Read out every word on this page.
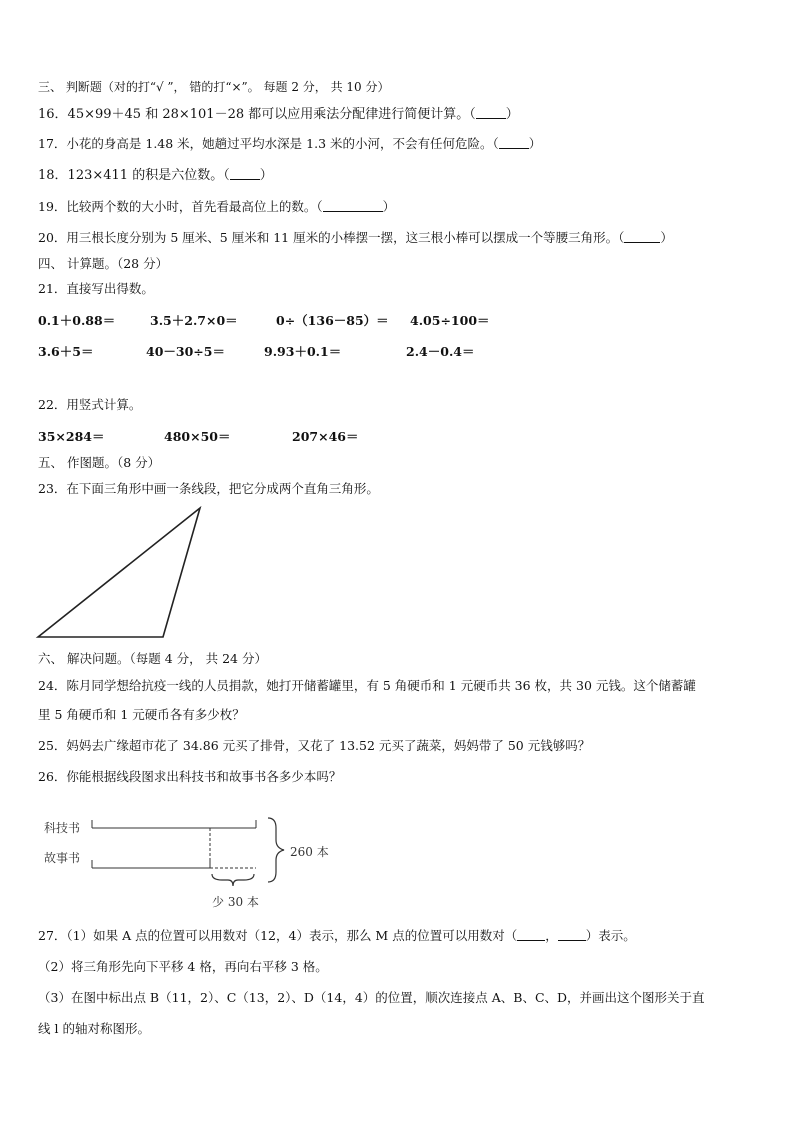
三、 判断题（对的打“√ ”， 错的打“×”。 每题 2 分， 共 10 分）
16．45×99＋45 和 28×101－28 都可以应用乘法分配律进行简便计算。（ ）
17．小花的身高是 1.48 米，她趟过平均水深是 1.3 米的小河，不会有任何危险。（ ）
18．123×411 的积是六位数。（ ）
19．比较两个数的大小时，首先看最高位上的数。（	）
20．用三根长度分别为 5 厘米、5 厘米和 11 厘米的小棒摆一摆，这三根小棒可以摆成一个等腰三角形。（	）
四、 计算题。（28 分）
21．直接写出得数。
0.1＋0.88＝	3.5＋2.7×0＝	0÷（136－85）＝ 4.05÷100＝
3.6＋5＝	40－30÷5＝	9.93＋0.1＝	2.4－0.4＝
22．用竖式计算。
35×284＝	480×50＝	207×46＝
五、 作图题。（8 分）
23．在下面三角形中画一条线段，把它分成两个直角三角形。
六、 解决问题。（每题 4 分， 共 24 分）
24．陈月同学想给抗疫一线的人员捐款，她打开储蓄罐里，有 5 角硬币和 1 元硬币共 36 枚，共 30 元钱。这个储蓄罐
里 5 角硬币和 1 元硬币各有多少枚？
25．妈妈去广缘超市花了 34.86 元买了排骨，又花了 13.52 元买了蔬菜，妈妈带了 50 元钱够吗？
26．你能根据线段图求出科技书和故事书各多少本吗？
科技书
故事书	260 本
少 30 本
27．（1）如果 A 点的位置可以用数对（12，4）表示，那么 M 点的位置可以用数对（ ， ）表示。
（2）将三角形先向下平移 4 格，再向右平移 3 格。
（3）在图中标出点 B（11，2）、C（13，2）、D（14，4）的位置，顺次连接点 A、B、C、D，并画出这个图形关于直
线 l 的轴对称图形。
